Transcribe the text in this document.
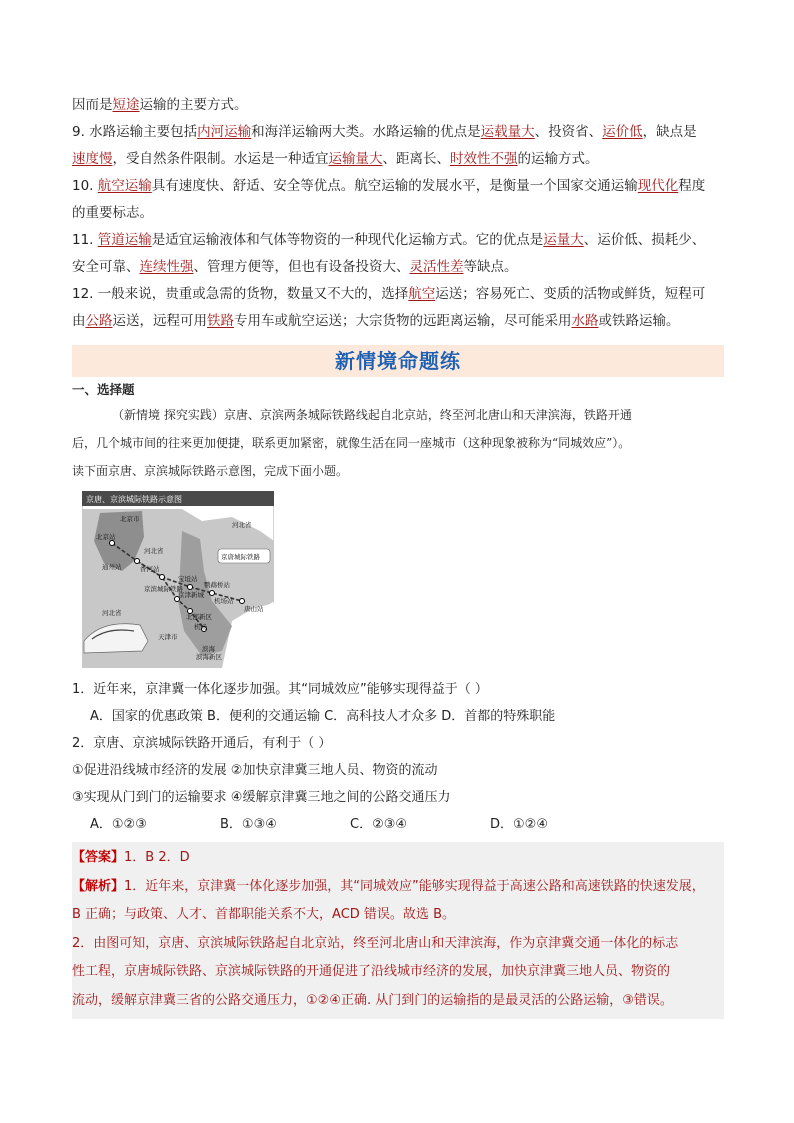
因而是短途运输的主要方式。

9. 水路运输主要包括内河运输和海洋运输两大类。水路运输的优点是运载量大、投资省、运价低，缺点是

速度慢，受自然条件限制。水运是一种适宜运输量大、距离长、时效性不强的运输方式。

10. 航空运输具有速度快、舒适、安全等优点。航空运输的发展水平，是衡量一个国家交通运输现代化程度

的重要标志。

11. 管道运输是适宜运输液体和气体等物资的一种现代化运输方式。它的优点是运量大、运价低、损耗少、

安全可靠、连续性强、管理方便等，但也有设备投资大、灵活性差等缺点。

12. 一般来说，贵重或急需的货物，数量又不大的，选择航空运送；容易死亡、变质的活物或鲜货，短程可

由公路运送，远程可用铁路专用车或航空运送；大宗货物的远距离运输，尽可能采用水路或铁路运输。

新情境命题练

一、选择题

（新情境 探究实践）京唐、京滨两条城际铁路线起自北京站，终至河北唐山和天津滨海，铁路开通

后，几个城市间的往来更加便捷，联系更加紧密，就像生活在同一座城市（这种现象被称为“同城效应”）。

读下面京唐、京滨城际铁路示意图，完成下面小题。

京唐、京滨城际铁路示意图
北京市
河北省
河北省
河北省
北京站
通州站	香河站
宝坻站
京滨城际铁路
京唐城际铁路
京津新城
鹦鹉桥站
机场站
唐山站
北部新区
机场
天津市
滨海
滨海新区

1．近年来，京津冀一体化逐步加强。其“同城效应”能够实现得益于（ ）

A．国家的优惠政策 B．便利的交通运输 C．高科技人才众多 D．首都的特殊职能

2．京唐、京滨城际铁路开通后，有利于（ ）

①促进沿线城市经济的发展 ②加快京津冀三地人员、物资的流动

③实现从门到门的运输要求 ④缓解京津冀三地之间的公路交通压力

A．①②③	B．①③④	C．②③④	D．①②④

【答案】1．B 2．D

【解析】1．近年来，京津冀一体化逐步加强，其“同城效应”能够实现得益于高速公路和高速铁路的快速发展，

B 正确；与政策、人才、首都职能关系不大，ACD 错误。故选 B。

2．由图可知，京唐、京滨城际铁路起自北京站，终至河北唐山和天津滨海，作为京津冀交通一体化的标志

性工程，京唐城际铁路、京滨城际铁路的开通促进了沿线城市经济的发展，加快京津冀三地人员、物资的

流动，缓解京津冀三省的公路交通压力，①②④正确. 从门到门的运输指的是最灵活的公路运输，③错误。
